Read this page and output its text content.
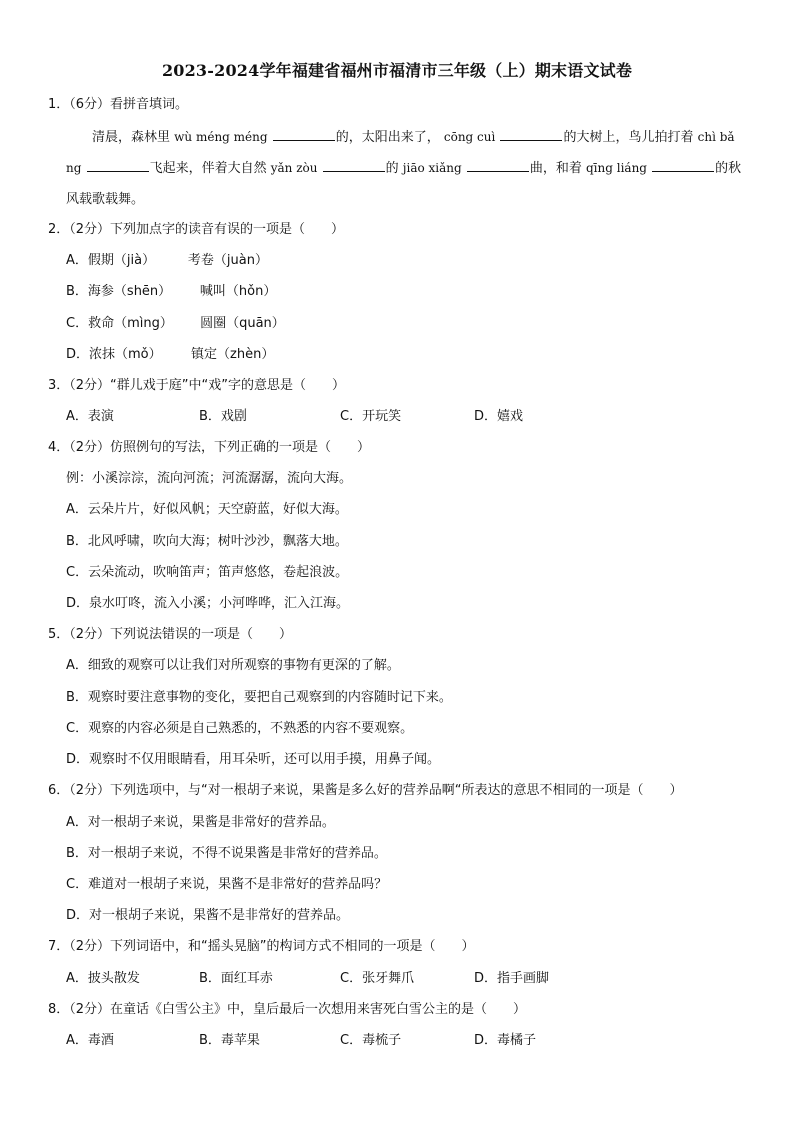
2023-2024学年福建省福州市福清市三年级（上）期末语文试卷
1．（6分）看拼音填词。
清晨，森林里 wù méng méng	的，太阳出来了， cōng cuì	的大树上，鸟儿拍打着 chì bǎ
ng	飞起来，伴着大自然 yǎn zòu	的 jiāo xiǎng	曲，和着 qīng liáng	的秋
风载歌载舞。
2．（2分）下列加点字的读音有误的一项是（　　）
A．假期（jià）	考卷（juàn）
B．海参（shēn） 喊叫（hǒn）
C．救命（mìng） 圆圈（quān）
D．浓抹（mǒ） 镇定（zhèn）
3．（2分）“群儿戏于庭”中“戏”字的意思是（　　）
A．表演	B．戏剧	C．开玩笑	D．嬉戏
4．（2分）仿照例句的写法，下列正确的一项是（　　）
例：小溪淙淙，流向河流；河流潺潺，流向大海。
A．云朵片片，好似风帆；天空蔚蓝，好似大海。
B．北风呼啸，吹向大海；树叶沙沙，飘落大地。
C．云朵流动，吹响笛声；笛声悠悠，卷起浪波。
D．泉水叮咚，流入小溪；小河哗哗，汇入江海。
5．（2分）下列说法错误的一项是（　　）
A．细致的观察可以让我们对所观察的事物有更深的了解。
B．观察时要注意事物的变化，要把自己观察到的内容随时记下来。
C．观察的内容必须是自己熟悉的，不熟悉的内容不要观察。
D．观察时不仅用眼睛看，用耳朵听，还可以用手摸，用鼻子闻。
6．（2分）下列选项中，与“对一根胡子来说，果酱是多么好的营养品啊“所表达的意思不相同的一项是（　　）
A．对一根胡子来说，果酱是非常好的营养品。
B．对一根胡子来说，不得不说果酱是非常好的营养品。
C．难道对一根胡子来说，果酱不是非常好的营养品吗？
D．对一根胡子来说，果酱不是非常好的营养品。
7．（2分）下列词语中，和“摇头晃脑”的构词方式不相同的一项是（　　）
A．披头散发	B．面红耳赤	C．张牙舞爪	D．指手画脚
8．（2分）在童话《白雪公主》中，皇后最后一次想用来害死白雪公主的是（　　）
A．毒酒	B．毒苹果	C．毒梳子	D．毒橘子
